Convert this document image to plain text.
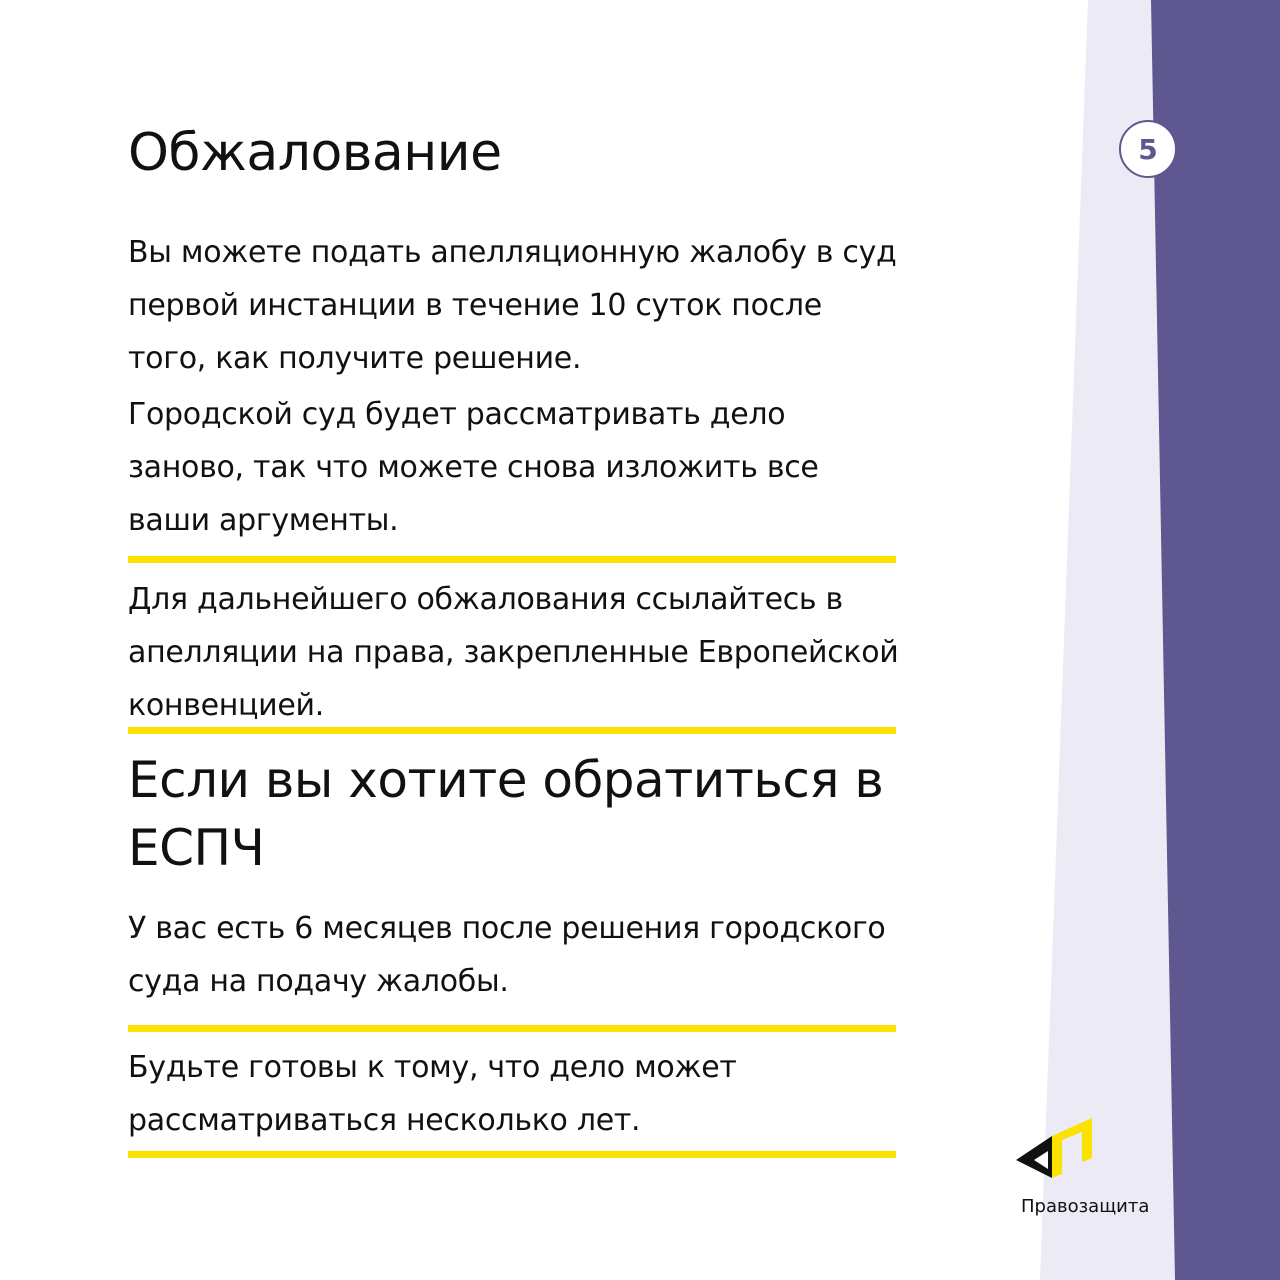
5
Обжалование

Вы можете подать апелляционную жалобу в суд первой инстанции в течение 10 суток после того, как получите решение.

Городской суд будет рассматривать дело заново, так что можете снова изложить все ваши аргументы.

Для дальнейшего обжалования ссылайтесь в апелляции на права, закрепленные Европейской конвенцией.

Если вы хотите обратиться в ЕСПЧ

У вас есть 6 месяцев после решения городского суда на подачу жалобы.

Будьте готовы к тому, что дело может рассматриваться несколько лет.

Правозащита
